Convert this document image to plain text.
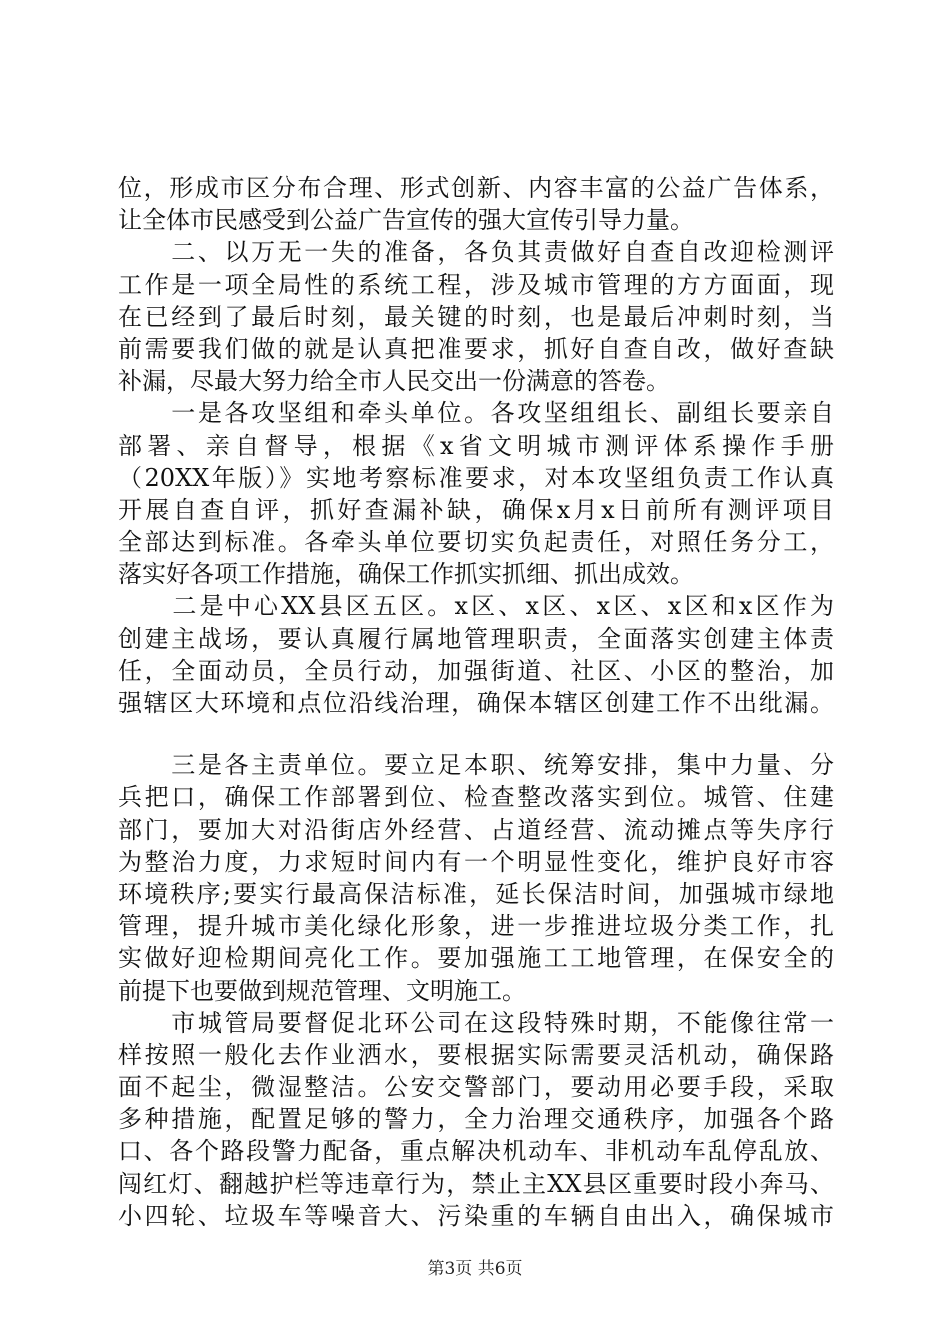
位，形成市区分布合理、形式创新、内容丰富的公益广告体系，
让全体市民感受到公益广告宣传的强大宣传引导力量。
　　二、以万无一失的准备，各负其责做好自查自改迎检测评
工作是一项全局性的系统工程，涉及城市管理的方方面面，现
在已经到了最后时刻，最关键的时刻，也是最后冲刺时刻，当
前需要我们做的就是认真把准要求，抓好自查自改，做好查缺
补漏，尽最大努力给全市人民交出一份满意的答卷。
　　一是各攻坚组和牵头单位。各攻坚组组长、副组长要亲自
部署、亲自督导，根据《x省文明城市测评体系操作手册
（20XX年版）》实地考察标准要求，对本攻坚组负责工作认真
开展自查自评，抓好查漏补缺，确保x月x日前所有测评项目
全部达到标准。各牵头单位要切实负起责任，对照任务分工，
落实好各项工作措施，确保工作抓实抓细、抓出成效。
　　二是中心XX县区五区。x区、x区、x区、x区和x区作为
创建主战场，要认真履行属地管理职责，全面落实创建主体责
任，全面动员，全员行动，加强街道、社区、小区的整治，加
强辖区大环境和点位沿线治理，确保本辖区创建工作不出纰漏。
　　三是各主责单位。要立足本职、统筹安排，集中力量、分
兵把口，确保工作部署到位、检查整改落实到位。城管、住建
部门，要加大对沿街店外经营、占道经营、流动摊点等失序行
为整治力度，力求短时间内有一个明显性变化，维护良好市容
环境秩序;要实行最高保洁标准，延长保洁时间，加强城市绿地
管理，提升城市美化绿化形象，进一步推进垃圾分类工作，扎
实做好迎检期间亮化工作。要加强施工工地管理，在保安全的
前提下也要做到规范管理、文明施工。
　　市城管局要督促北环公司在这段特殊时期，不能像往常一
样按照一般化去作业洒水，要根据实际需要灵活机动，确保路
面不起尘，微湿整洁。公安交警部门，要动用必要手段，采取
多种措施，配置足够的警力，全力治理交通秩序，加强各个路
口、各个路段警力配备，重点解决机动车、非机动车乱停乱放、
闯红灯、翻越护栏等违章行为，禁止主XX县区重要时段小奔马、
小四轮、垃圾车等噪音大、污染重的车辆自由出入，确保城市
第3页 共6页
